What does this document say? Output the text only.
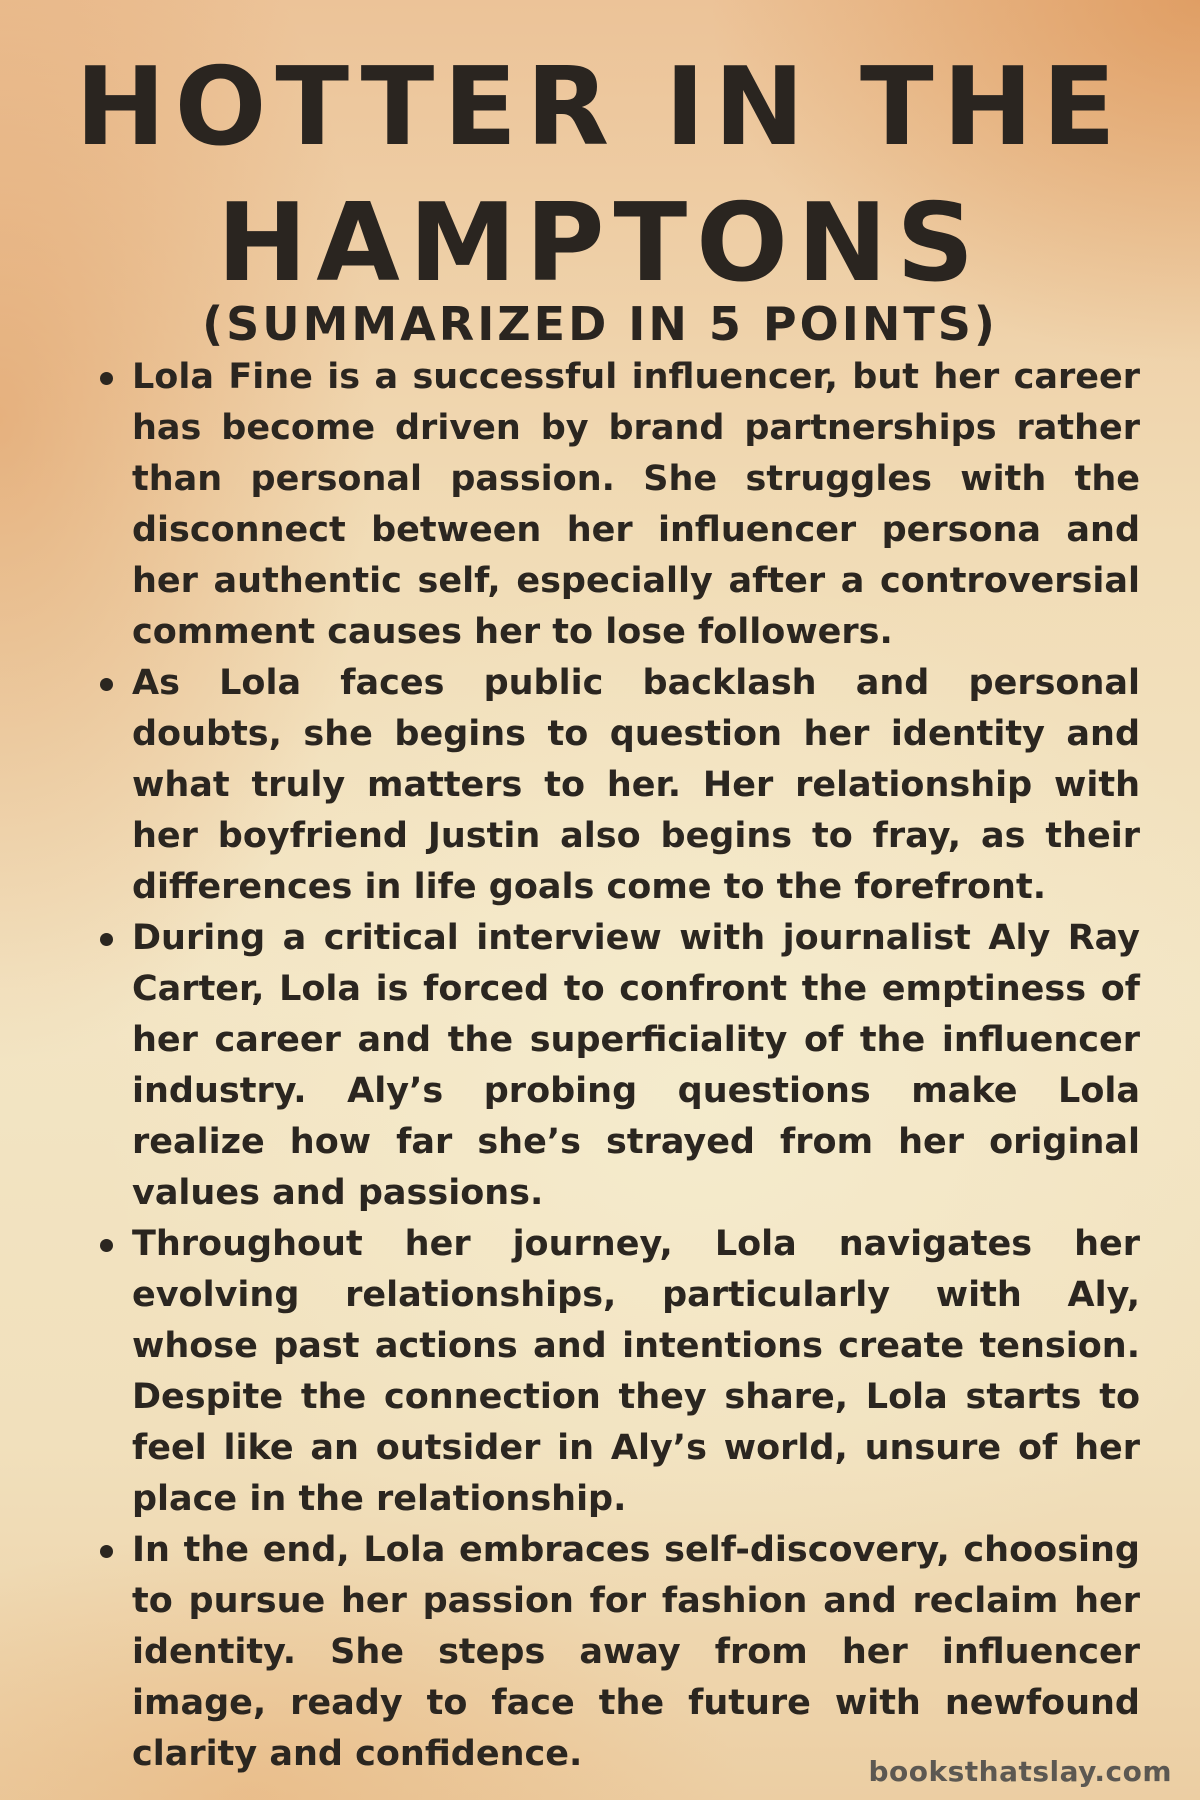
HOTTER IN THE
HAMPTONS
(SUMMARIZED IN 5 POINTS)
Lola Fine is a successful influencer, but her career has become driven by brand partnerships rather than personal passion. She struggles with the disconnect between her influencer persona and her authentic self, especially after a controversial comment causes her to lose followers.
As Lola faces public backlash and personal doubts, she begins to question her identity and what truly matters to her. Her relationship with her boyfriend Justin also begins to fray, as their differences in life goals come to the forefront.
During a critical interview with journalist Aly Ray Carter, Lola is forced to confront the emptiness of her career and the superficiality of the influencer industry. Aly’s probing questions make Lola realize how far she’s strayed from her original values and passions.
Throughout her journey, Lola navigates her evolving relationships, particularly with Aly, whose past actions and intentions create tension. Despite the connection they share, Lola starts to feel like an outsider in Aly’s world, unsure of her place in the relationship.
In the end, Lola embraces self-discovery, choosing to pursue her passion for fashion and reclaim her identity. She steps away from her influencer image, ready to face the future with newfound clarity and confidence.	booksthatslay.com
